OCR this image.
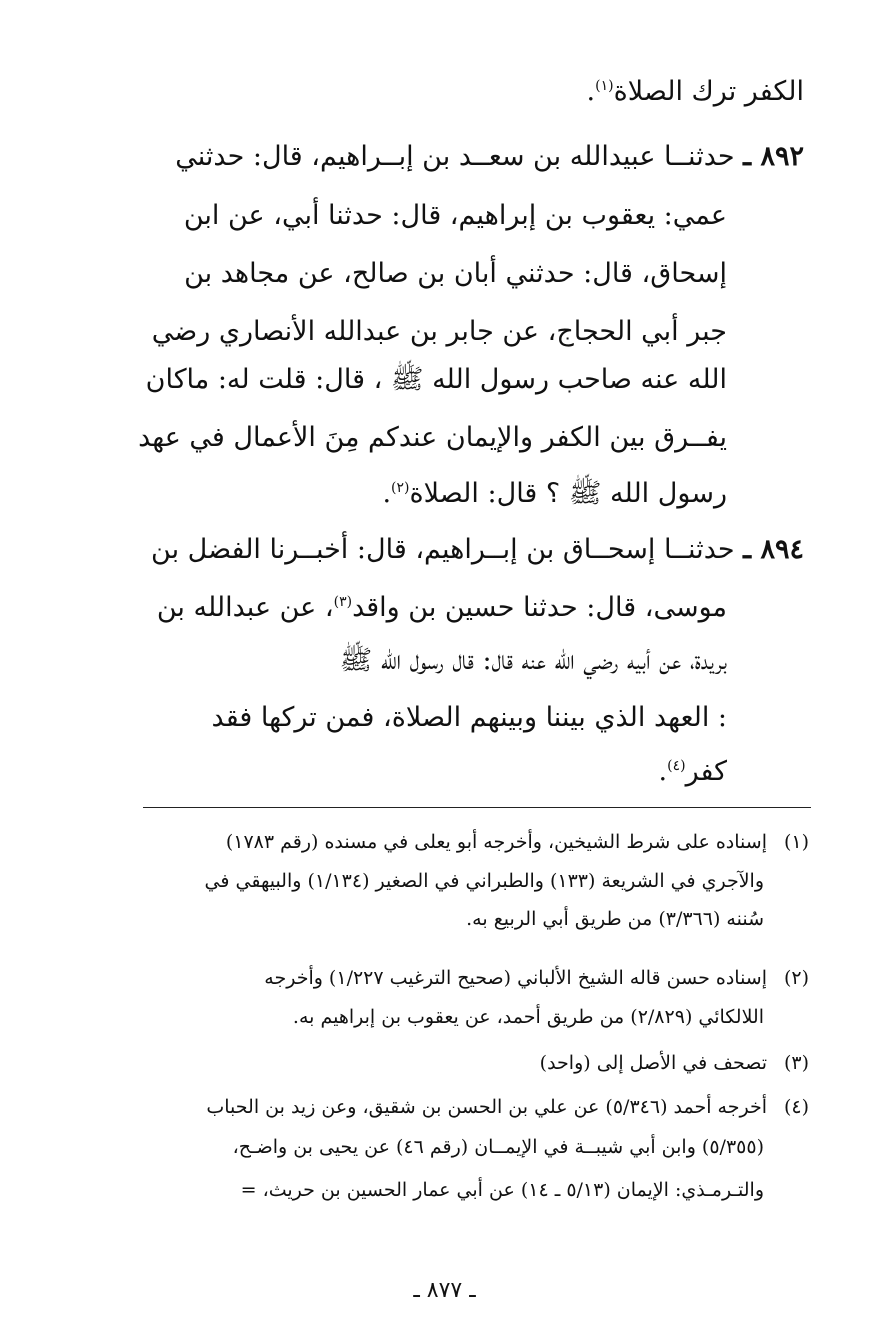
الكفر ترك الصلاة$^{(١)}$.
٨٩٢ ـ حدثنــا عبيدالله بن سعــد بن إبــراهيم، قال: حدثني
عمي: يعقوب بن إبراهيم، قال: حدثنا أبي، عن ابن
إسحاق، قال: حدثني أبان بن صالح، عن مجاهد بن
جبر أبي الحجاج، عن جابر بن عبدالله الأنصاري رضي
الله عنه صاحب رسول الله ﷺ ، قال: قلت له: ماكان
يفــرق بين الكفر والإيمان عندكم مِنَ الأعمال في عهد
رسول الله ﷺ ؟ قال: الصلاة$^{(٢)}$.
٨٩٤ ـ حدثنــا إسحــاق بن إبــراهيم، قال: أخبــرنا الفضل بن
موسى، قال: حدثنا حسين بن واقد$^{(٣)}$، عن عبدالله بن
بريدة، عن أبيه رضي الله عنه قال: قال رسول الله ﷺ
: العهد الذي بيننا وبينهم الصلاة، فمن تركها فقد
كفر$^{(٤)}$.
(١)إسناده على شرط الشيخين، وأخرجه أبو يعلى في مسنده (رقم ١٧٨٣)
والآجري في الشريعة (١٣٣) والطبراني في الصغير (١/١٣٤) والبيهقي في
سُننه (٣/٣٦٦) من طريق أبي الربيع به.
(٢)إسناده حسن قاله الشيخ الألباني (صحيح الترغيب ١/٢٢٧) وأخرجه
اللالكائي (٢/٨٢٩) من طريق أحمد، عن يعقوب بن إبراهيم به.
(٣)تصحف في الأصل إلى (واحد)
(٤)أخرجه أحمد (٥/٣٤٦) عن علي بن الحسن بن شقيق، وعن زيد بن الحباب
(٥/٣٥٥) وابن أبي شيبــة في الإيمــان (رقم ٤٦) عن يحيى بن واضـح،
والتـرمـذي: الإيمان (٥/١٣ ـ ١٤) عن أبي عمار الحسين بن حريث، =
ـ ٨٧٧ ـ
